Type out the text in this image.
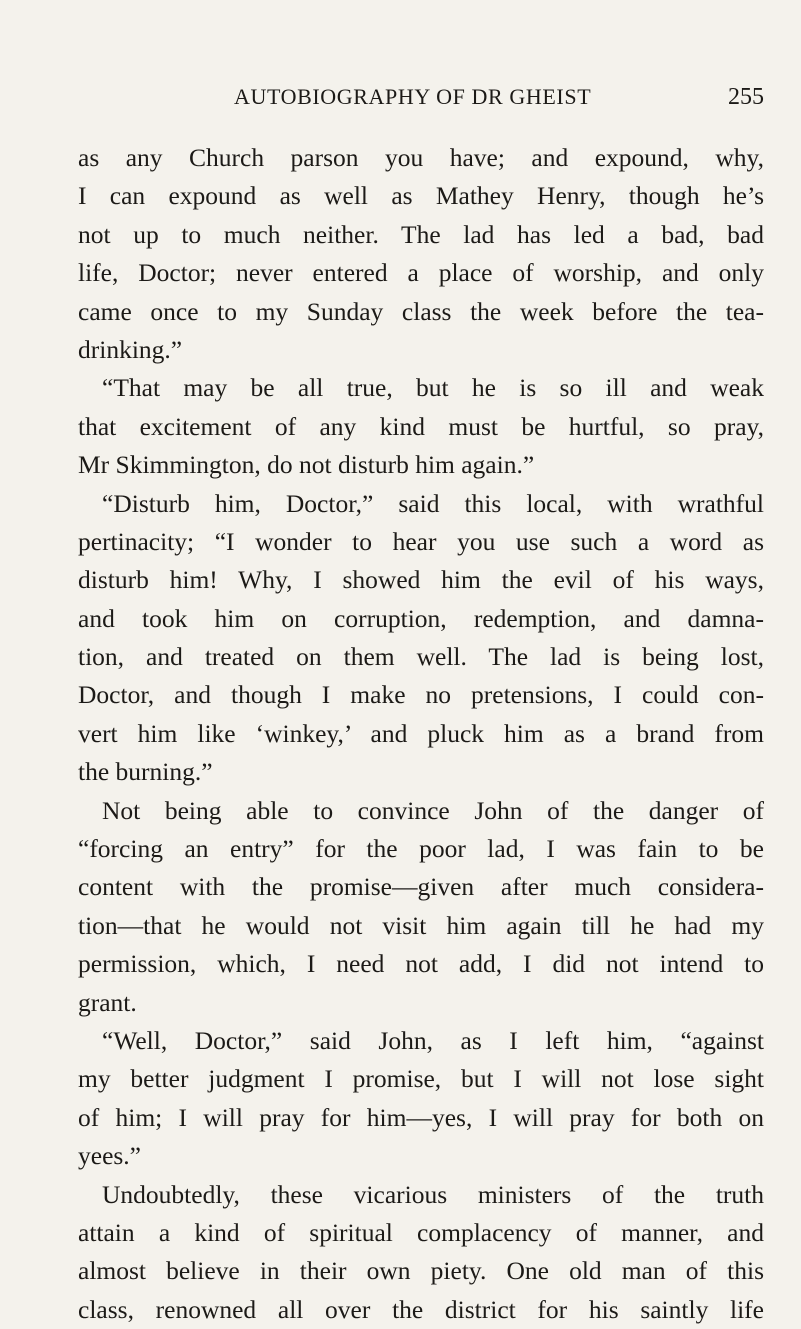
AUTOBIOGRAPHY OF DR GHEIST	255
as any Church parson you have; and expound, why,
I can expound as well as Mathey Henry, though he’s
not up to much neither. The lad has led a bad, bad
life, Doctor; never entered a place of worship, and only
came once to my Sunday class the week before the tea-
drinking.”
“That may be all true, but he is so ill and weak
that excitement of any kind must be hurtful, so pray,
Mr Skimmington, do not disturb him again.”
“Disturb him, Doctor,” said this local, with wrathful
pertinacity; “I wonder to hear you use such a word as
disturb him! Why, I showed him the evil of his ways,
and took him on corruption, redemption, and damna-
tion, and treated on them well. The lad is being lost,
Doctor, and though I make no pretensions, I could con-
vert him like ‘winkey,’ and pluck him as a brand from
the burning.”
Not being able to convince John of the danger of
“forcing an entry” for the poor lad, I was fain to be
content with the promise—given after much considera-
tion—that he would not visit him again till he had my
permission, which, I need not add, I did not intend to
grant.
“Well, Doctor,” said John, as I left him, “against
my better judgment I promise, but I will not lose sight
of him; I will pray for him—yes, I will pray for both on
yees.”
Undoubtedly, these vicarious ministers of the truth
attain a kind of spiritual complacency of manner, and
almost believe in their own piety. One old man of this
class, renowned all over the district for his saintly life
